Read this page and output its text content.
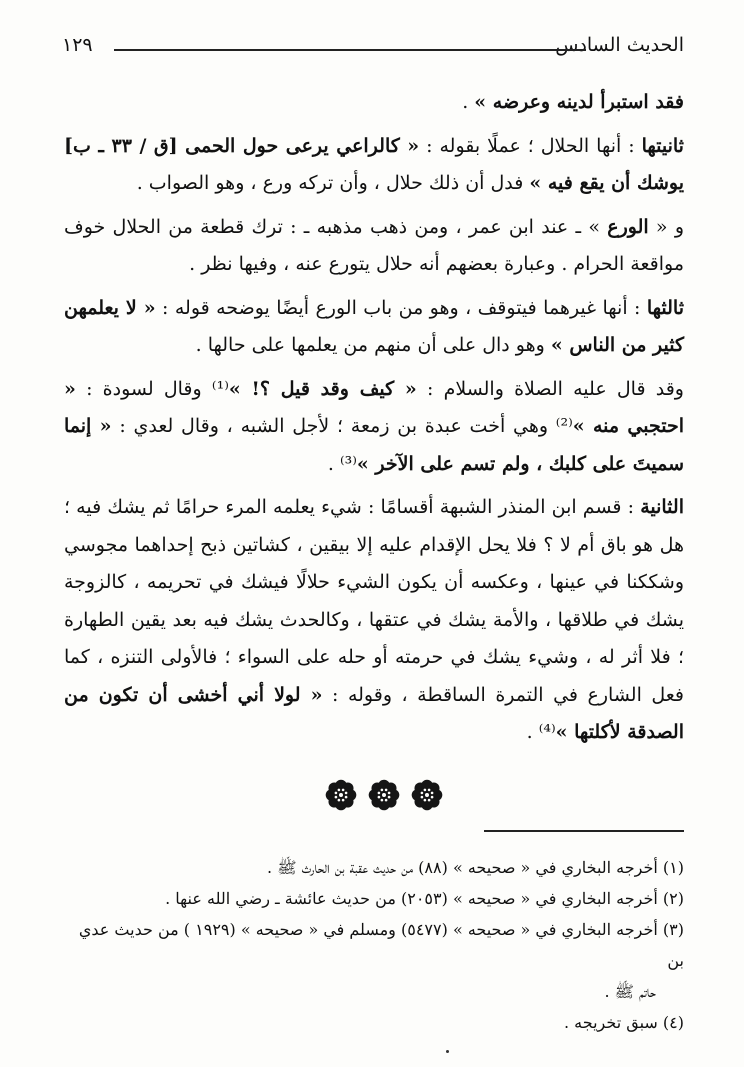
الحديث السادس
١٢٩

فقد استبرأ لدينه وعرضه » .

ثانيتها : أنها الحلال ؛ عملًا بقوله : « كالراعي يرعى حول الحمى [ق / ٣٣ ـ ب] يوشك أن يقع فيه » فدل أن ذلك حلال ، وأن تركه ورع ، وهو الصواب .

و « الورع » ـ عند ابن عمر ، ومن ذهب مذهبه ـ : ترك قطعة من الحلال خوف مواقعة الحرام . وعبارة بعضهم أنه حلال يتورع عنه ، وفيها نظر .

ثالثها : أنها غيرهما فيتوقف ، وهو من باب الورع أيضًا يوضحه قوله : « لا يعلمهن كثير من الناس » وهو دال على أن منهم من يعلمها على حالها .

وقد قال عليه الصلاة والسلام : « كيف وقد قيل ؟! »⁽¹⁾ وقال لسودة : « احتجبي منه »⁽²⁾ وهي أخت عبدة بن زمعة ؛ لأجل الشبه ، وقال لعدي : « إنما سميتَ على كلبك ، ولم تسم على الآخر »⁽³⁾ .

الثانية : قسم ابن المنذر الشبهة أقسامًا : شيء يعلمه المرء حرامًا ثم يشك فيه ؛ هل هو باق أم لا ؟ فلا يحل الإقدام عليه إلا بيقين ، كشاتين ذبح إحداهما مجوسي وشككنا في عينها ، وعكسه أن يكون الشيء حلالًا فيشك في تحريمه ، كالزوجة يشك في طلاقها ، والأمة يشك في عتقها ، وكالحدث يشك فيه بعد يقين الطهارة ؛ فلا أثر له ، وشيء يشك في حرمته أو حله على السواء ؛ فالأولى التنزه ، كما فعل الشارع في التمرة الساقطة ، وقوله : « لولا أني أخشى أن تكون من الصدقة لأكلتها »⁽⁴⁾ .

(١) أخرجه البخاري في « صحيحه » (٨٨) من حديث عقبة بن الحارث ﷺ .

(٢) أخرجه البخاري في « صحيحه » (٢٠٥٣) من حديث عائشة ـ رضي الله عنها .

(٣) أخرجه البخاري في « صحيحه » (٥٤٧٧) ومسلم في « صحيحه » (١٩٢٩ ) من حديث عدي بن
حاتم ﷺ .

(٤) سبق تخريجه .
